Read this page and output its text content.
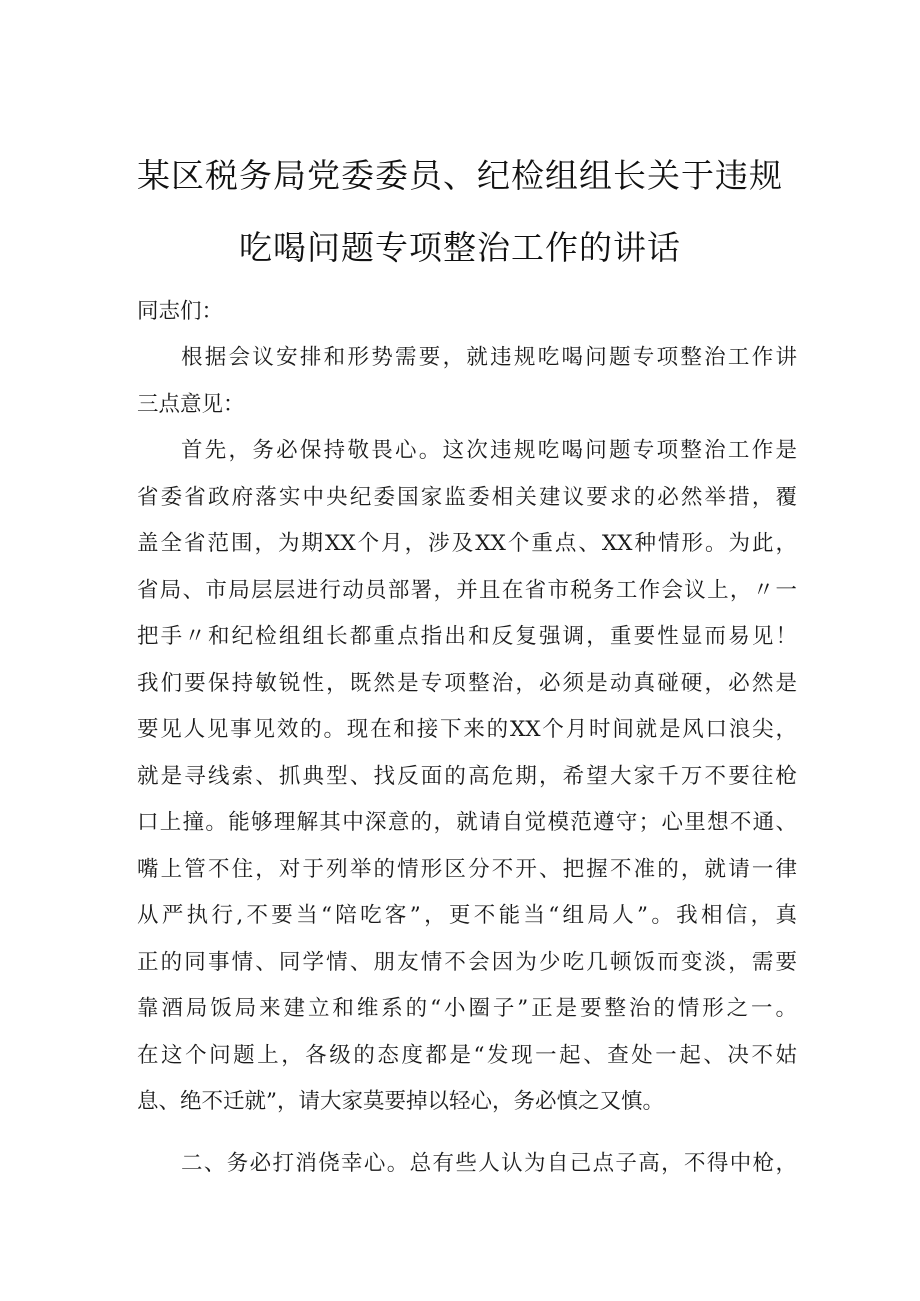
某区税务局党委委员、纪检组组长关于违规
吃喝问题专项整治工作的讲话
同志们：
根据会议安排和形势需要，就违规吃喝问题专项整治工作讲
三点意见：
首先，务必保持敬畏心。这次违规吃喝问题专项整治工作是
省委省政府落实中央纪委国家监委相关建议要求的必然举措，覆
盖全省范围，为期XX个月，涉及XX个重点、XX种情形。为此，
省局、市局层层进行动员部署，并且在省市税务工作会议上，〃一
把手〃和纪检组组长都重点指出和反复强调，重要性显而易见！
我们要保持敏锐性，既然是专项整治，必须是动真碰硬，必然是
要见人见事见效的。现在和接下来的XX个月时间就是风口浪尖，
就是寻线索、抓典型、找反面的高危期，希望大家千万不要往枪
口上撞。能够理解其中深意的，就请自觉模范遵守；心里想不通、
嘴上管不住，对于列举的情形区分不开、把握不准的，就请一律
从严执行,不要当“陪吃客”，更不能当“组局人”。我相信，真
正的同事情、同学情、朋友情不会因为少吃几顿饭而变淡，需要
靠酒局饭局来建立和维系的“小圈子”正是要整治的情形之一。
在这个问题上，各级的态度都是“发现一起、查处一起、决不姑
息、绝不迁就”，请大家莫要掉以轻心，务必慎之又慎。
二、务必打消侥幸心。总有些人认为自己点子高，不得中枪，
